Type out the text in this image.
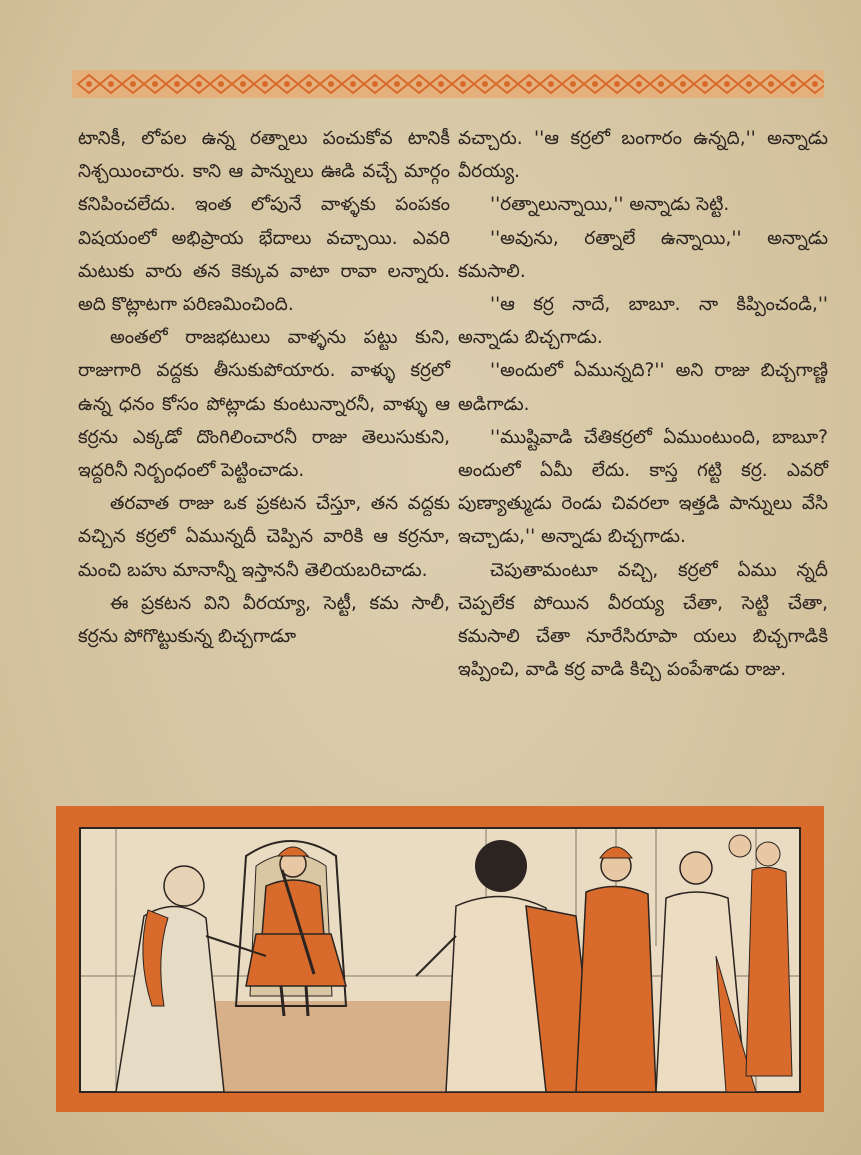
టానికీ, లోపల ఉన్న రత్నాలు పంచుకోవ టానికీ నిశ్చయించారు. కాని ఆ పాన్నులు ఊడి వచ్చే మార్గం కనిపించలేదు. ఇంత లోపునే వాళ్ళకు పంపకం విషయంలో అభిప్రాయ భేదాలు వచ్చాయి. ఎవరి మటుకు వారు తన కెక్కువ వాటా రావా లన్నారు. అది కొట్లాటగా పరిణమించింది.

అంతలో రాజభటులు వాళ్ళను పట్టు కుని, రాజుగారి వద్దకు తీసుకుపోయారు. వాళ్ళు కర్రలో ఉన్న ధనం కోసం పోట్లాడు కుంటున్నారనీ, వాళ్ళు ఆ కర్రను ఎక్కడో దొంగిలించారనీ రాజు తెలుసుకుని, ఇద్దరినీ నిర్బంధంలో పెట్టించాడు.

తరవాత రాజు ఒక ప్రకటన చేస్తూ, తన వద్దకు వచ్చిన కర్రలో ఏమున్నదీ చెప్పిన వారికి ఆ కర్రనూ, మంచి బహు మానాన్నీ ఇస్తాననీ తెలియబరిచాడు.

ఈ ప్రకటన విని వీరయ్యా, సెట్టీ, కమ సాలీ, కర్రను పోగొట్టుకున్న బిచ్చగాడూ

వచ్చారు. ''ఆ కర్రలో బంగారం ఉన్నది,'' అన్నాడు వీరయ్య.

''రత్నాలున్నాయి,'' అన్నాడు సెట్టి.

''అవును, రత్నాలే ఉన్నాయి,'' అన్నాడు కమసాలి.

''ఆ కర్ర నాదే, బాబూ. నా కిప్పించండి,'' అన్నాడు బిచ్చగాడు.

''అందులో ఏమున్నది?'' అని రాజు బిచ్చగాణ్ణి అడిగాడు.

''ముష్టివాడి చేతికర్రలో ఏముంటుంది, బాబూ? అందులో ఏమీ లేదు. కాస్త గట్టి కర్ర. ఎవరో పుణ్యాత్ముడు రెండు చివరలా ఇత్తడి పాన్నులు వేసి ఇచ్చాడు,'' అన్నాడు బిచ్చగాడు.

చెపుతామంటూ వచ్చి, కర్రలో ఏము న్నదీ చెప్పలేక పోయిన వీరయ్య చేతా, సెట్టి చేతా, కమసాలి చేతా నూరేసిరూపా యలు బిచ్చగాడికి ఇప్పించి, వాడి కర్ర వాడి కిచ్చి పంపేశాడు రాజు.
